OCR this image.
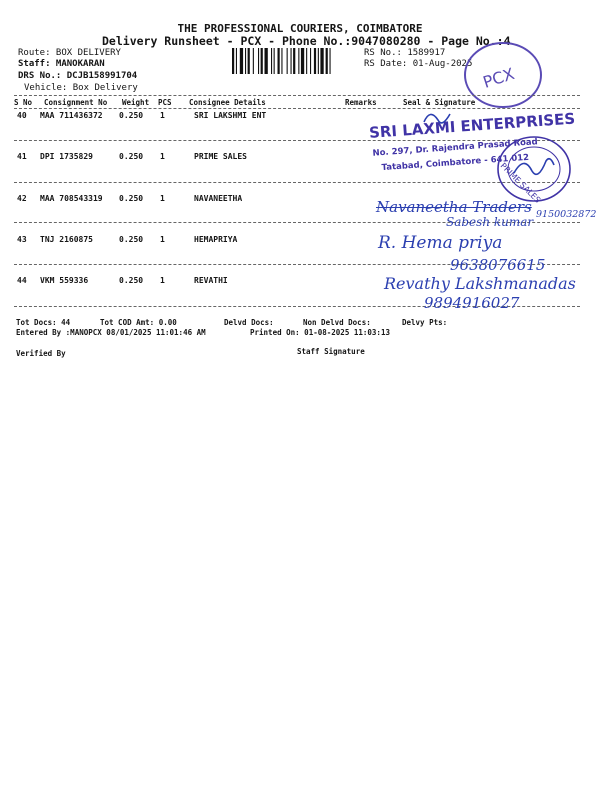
THE PROFESSIONAL COURIERS, COIMBATORE
Delivery Runsheet - PCX - Phone No.:9047080280 - Page No.:4
Route: BOX DELIVERY
Staff: MANOKARAN
DRS No.: DCJB158991704
Vehicle: Box Delivery
RS No.: 1589917
RS Date: 01-Aug-2025
PCX
S No Consignment No Weight PCS Consignee Details	Remarks	Seal & Signature
40 MAA 711436372 0.250 1	SRI LAKSHMI ENT
41 DPI 1735829	0.250 1	PRIME SALES
42 MAA 708543319 0.250 1	NAVANEETHA
43 TNJ 2160875	0.250 1	HEMAPRIYA
44 VKM 559336	0.250 1	REVATHI
SRI LAXMI ENTERPRISES
No. 297, Dr. Rajendra Prasad Road
Tatabad, Coimbatore - 641 012
PRIME SALES
Navaneetha Traders 9150032872
Sabesh kumar
R. Hema priya
9638076615
Revathy Lakshmanadas
9894916027
Tot Docs: 44	Tot COD Amt: 0.00	Delvd Docs:	Non Delvd Docs:	Delvy Pts:
Entered By :MANOPCX 08/01/2025 11:01:46 AM	Printed On: 01-08-2025 11:03:13
Verified By	Staff Signature
